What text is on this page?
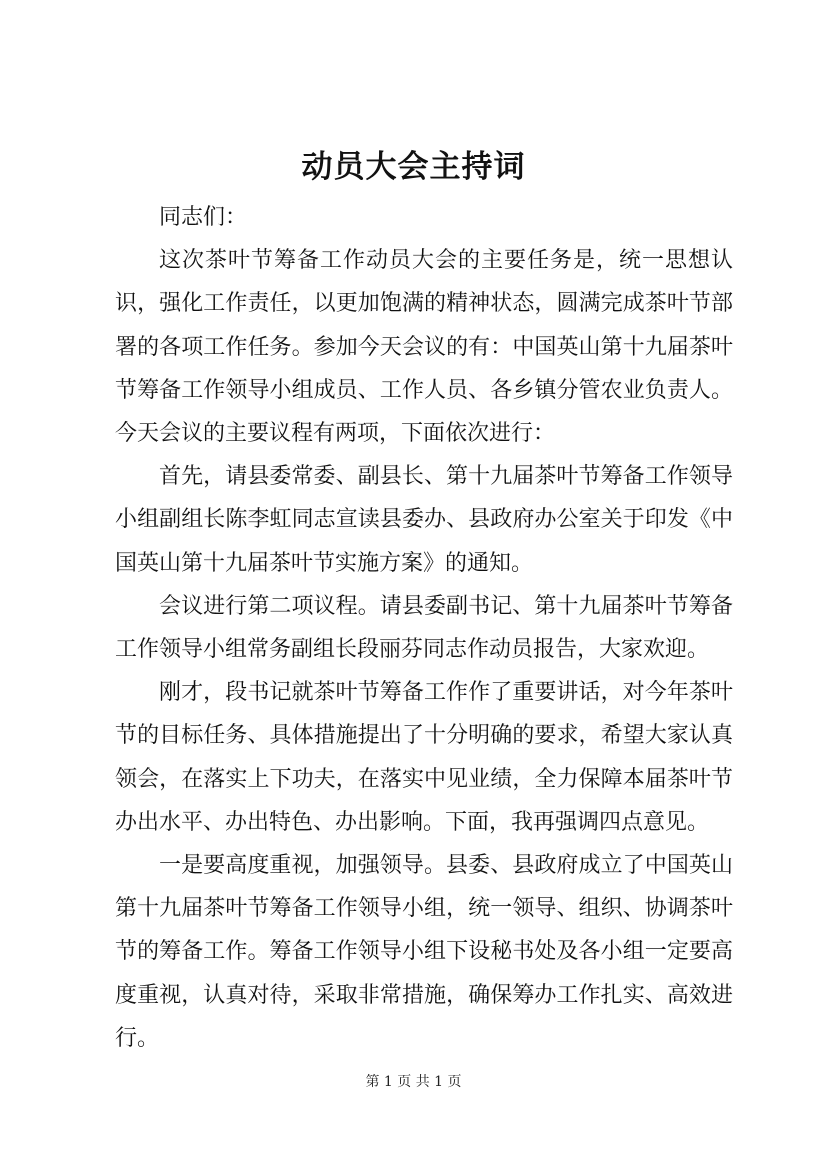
动员大会主持词

同志们：

这次茶叶节筹备工作动员大会的主要任务是，统一思想认识，强化工作责任，以更加饱满的精神状态，圆满完成茶叶节部署的各项工作任务。参加今天会议的有：中国英山第十九届茶叶节筹备工作领导小组成员、工作人员、各乡镇分管农业负责人。今天会议的主要议程有两项，下面依次进行：

首先，请县委常委、副县长、第十九届茶叶节筹备工作领导小组副组长陈李虹同志宣读县委办、县政府办公室关于印发《中国英山第十九届茶叶节实施方案》的通知。

会议进行第二项议程。请县委副书记、第十九届茶叶节筹备工作领导小组常务副组长段丽芬同志作动员报告，大家欢迎。

刚才，段书记就茶叶节筹备工作作了重要讲话，对今年茶叶节的目标任务、具体措施提出了十分明确的要求，希望大家认真领会，在落实上下功夫，在落实中见业绩，全力保障本届茶叶节办出水平、办出特色、办出影响。下面，我再强调四点意见。

一是要高度重视，加强领导。县委、县政府成立了中国英山第十九届茶叶节筹备工作领导小组，统一领导、组织、协调茶叶节的筹备工作。筹备工作领导小组下设秘书处及各小组一定要高度重视，认真对待，采取非常措施，确保筹办工作扎实、高效进行。

第 1 页 共 1 页
